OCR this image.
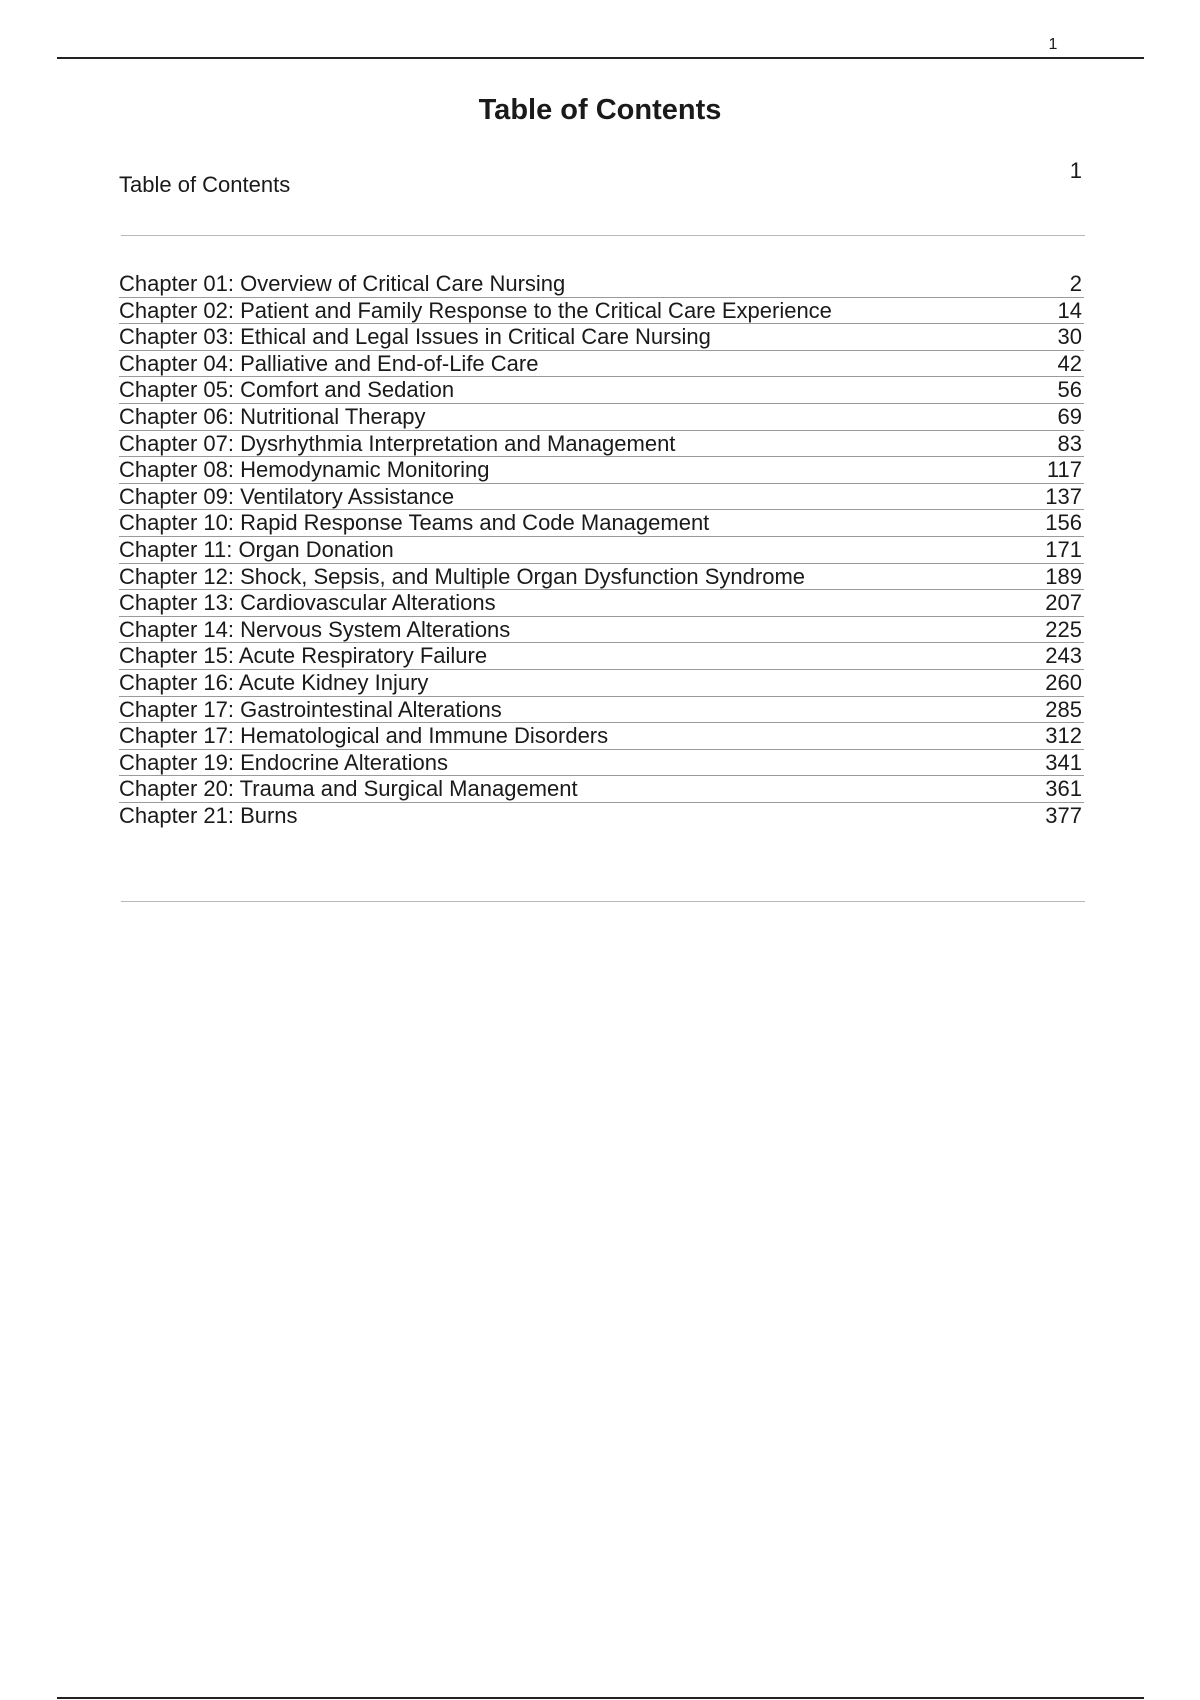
1
Table of Contents
Table of Contents
1
Chapter 01: Overview of Critical Care Nursing	2
Chapter 02: Patient and Family Response to the Critical Care Experience	14
Chapter 03: Ethical and Legal Issues in Critical Care Nursing	30
Chapter 04: Palliative and End-of-Life Care	42
Chapter 05: Comfort and Sedation	56
Chapter 06: Nutritional Therapy	69
Chapter 07: Dysrhythmia Interpretation and Management	83
Chapter 08: Hemodynamic Monitoring	117
Chapter 09: Ventilatory Assistance	137
Chapter 10: Rapid Response Teams and Code Management	156
Chapter 11: Organ Donation	171
Chapter 12: Shock, Sepsis, and Multiple Organ Dysfunction Syndrome	189
Chapter 13: Cardiovascular Alterations	207
Chapter 14: Nervous System Alterations	225
Chapter 15: Acute Respiratory Failure	243
Chapter 16: Acute Kidney Injury	260
Chapter 17: Gastrointestinal Alterations	285
Chapter 17: Hematological and Immune Disorders	312
Chapter 19: Endocrine Alterations	341
Chapter 20: Trauma and Surgical Management	361
Chapter 21: Burns	377
